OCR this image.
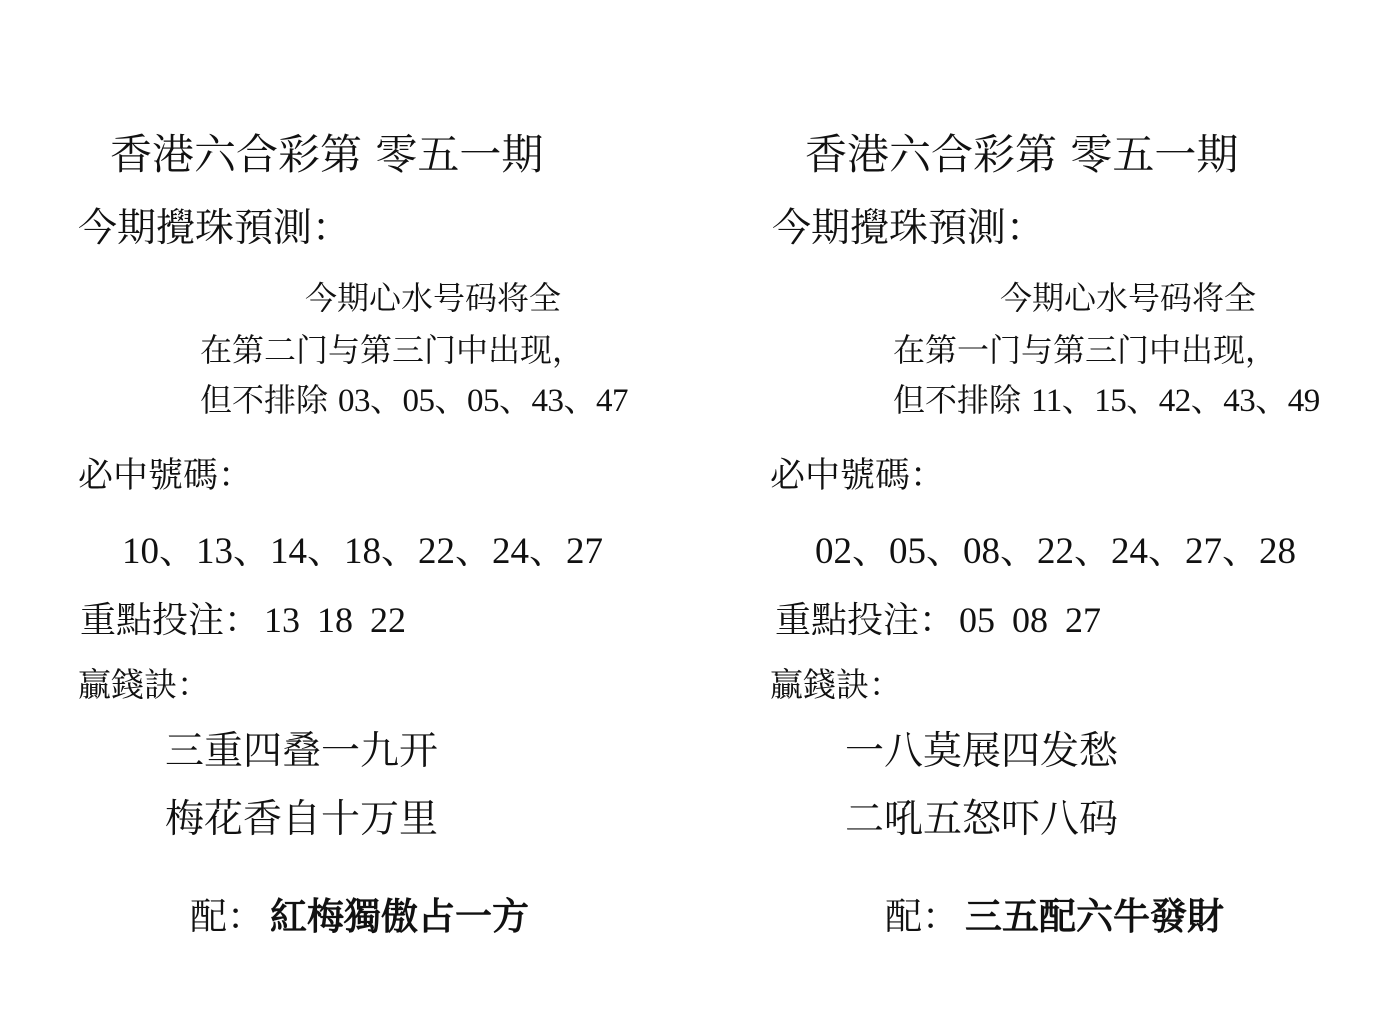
香港六合彩第 零五一期
今期攪珠預測：
今期心水号码将全
在第二门与第三门中出现，
但不排除 03、05、05、43、47
必中號碼：
10、13、14、18、22、24、27
重點投注： 13 18 22
贏錢訣：
三重四叠一九开
梅花香自十万里
配： 紅梅獨傲占一方
香港六合彩第 零五一期
今期攪珠預測：
今期心水号码将全
在第一门与第三门中出现，
但不排除 11、15、42、43、49
必中號碼：
02、05、08、22、24、27、28
重點投注： 05 08 27
贏錢訣：
一八莫展四发愁
二吼五怒吓八码
配： 三五配六牛發財
